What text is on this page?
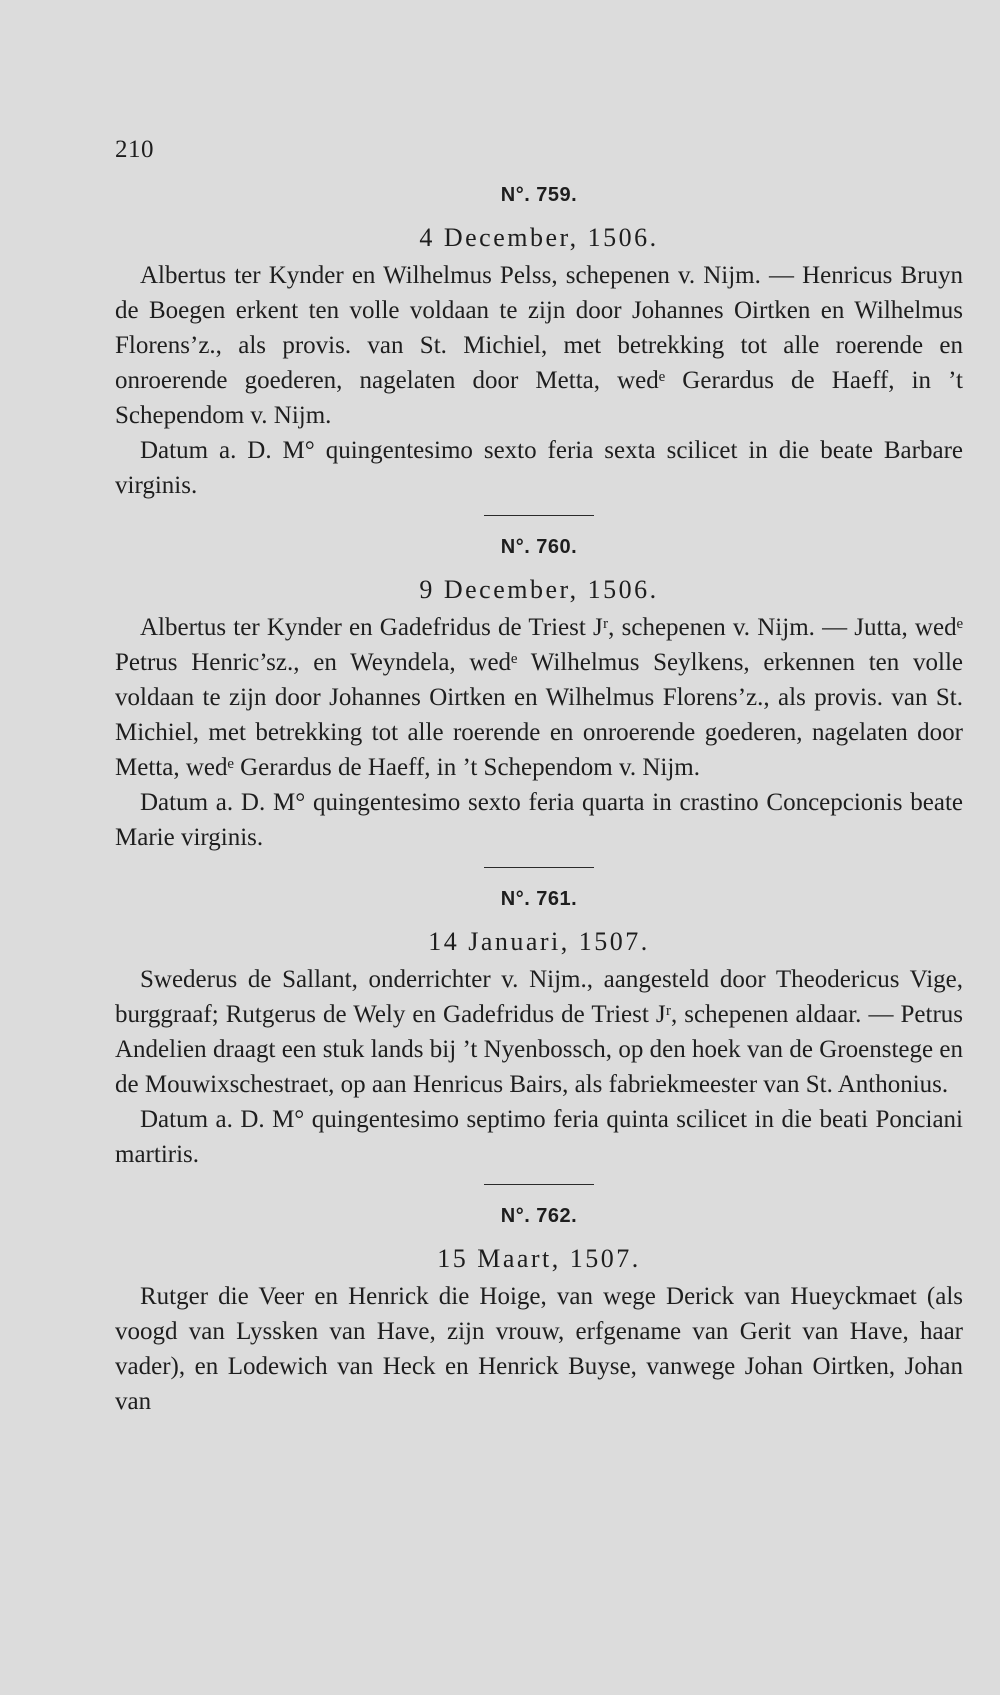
210
N°. 759.
4 December, 1506.

Albertus ter Kynder en Wilhelmus Pelss, schepenen v. Nijm. — Henricus Bruyn de Boegen erkent ten volle voldaan te zijn door Johannes Oirtken en Wilhelmus Florens’z., als provis. van St. Michiel, met betrekking tot alle roerende en onroerende goederen, nagelaten door Metta, wedᵉ Gerardus de Haeff, in ’t Schependom v. Nijm.

Datum a. D. M° quingentesimo sexto feria sexta scilicet in die beate Barbare virginis.

N°. 760.
9 December, 1506.

Albertus ter Kynder en Gadefridus de Triest Jʳ, schepenen v. Nijm. — Jutta, wedᵉ Petrus Henric’sz., en Weyndela, wedᵉ Wilhelmus Seylkens, erkennen ten volle voldaan te zijn door Johannes Oirtken en Wilhelmus Florens’z., als provis. van St. Michiel, met betrekking tot alle roerende en onroerende goederen, nagelaten door Metta, wedᵉ Gerardus de Haeff, in ’t Schependom v. Nijm.

Datum a. D. M° quingentesimo sexto feria quarta in crastino Concepcionis beate Marie virginis.

N°. 761.
14 Januari, 1507.

Swederus de Sallant, onderrichter v. Nijm., aangesteld door Theodericus Vige, burggraaf; Rutgerus de Wely en Gadefridus de Triest Jʳ, schepenen aldaar. — Petrus Andelien draagt een stuk lands bij ’t Nyenbossch, op den hoek van de Groenstege en de Mouwixschestraet, op aan Henricus Bairs, als fabriekmeester van St. Anthonius.

Datum a. D. M° quingentesimo septimo feria quinta scilicet in die beati Ponciani martiris.

N°. 762.
15 Maart, 1507.

Rutger die Veer en Henrick die Hoige, van wege Derick van Hueyckmaet (als voogd van Lyssken van Have, zijn vrouw, erfgename van Gerit van Have, haar vader), en Lodewich van Heck en Henrick Buyse, vanwege Johan Oirtken, Johan van
